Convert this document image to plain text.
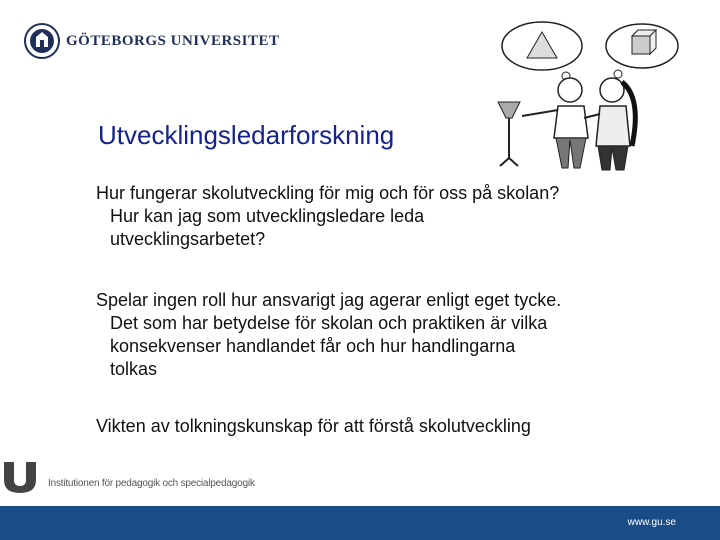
GÖTEBORGS UNIVERSITET
Utvecklingsledarforskning
Hur fungerar skolutveckling för mig och för oss på skolan?
Hur kan jag som utvecklingsledare leda
utvecklingsarbetet?
Spelar ingen roll hur ansvarigt jag agerar enligt eget tycke.
Det som har betydelse för skolan och praktiken är vilka
konsekvenser handlandet får och hur handlingarna
tolkas
Vikten av tolkningskunskap för att förstå skolutveckling
Institutionen för pedagogik och specialpedagogik
www.gu.se
